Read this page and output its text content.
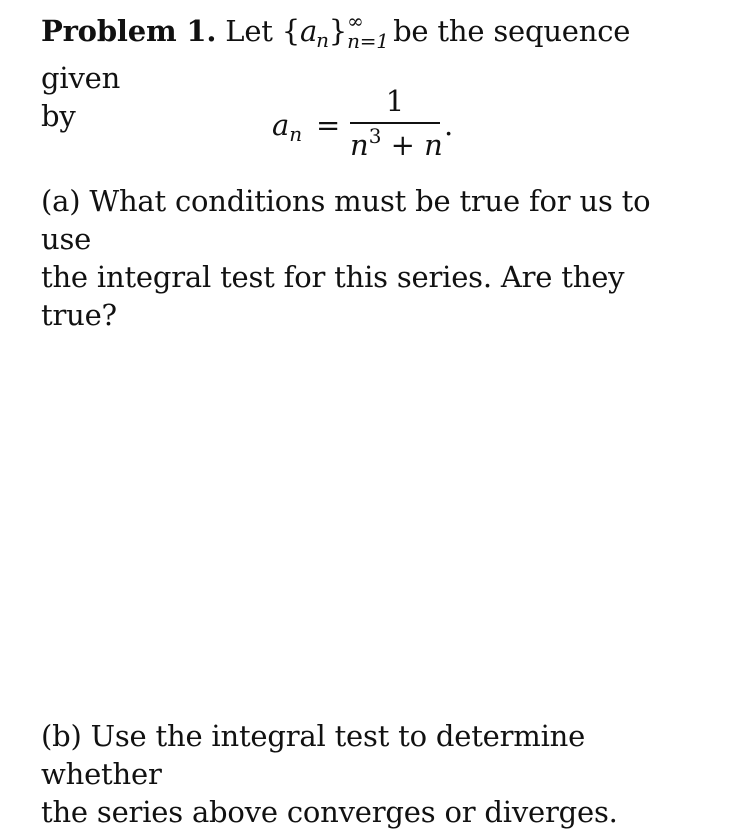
Problem 1. Let $\{a_n\}$ ∞
n=1 be the sequence given
by	$a_n$ =
1
$n^3 + n$
.
(a) What conditions must be true for us to use
the integral test for this series. Are they true?
(b) Use the integral test to determine whether
the series above converges or diverges.
